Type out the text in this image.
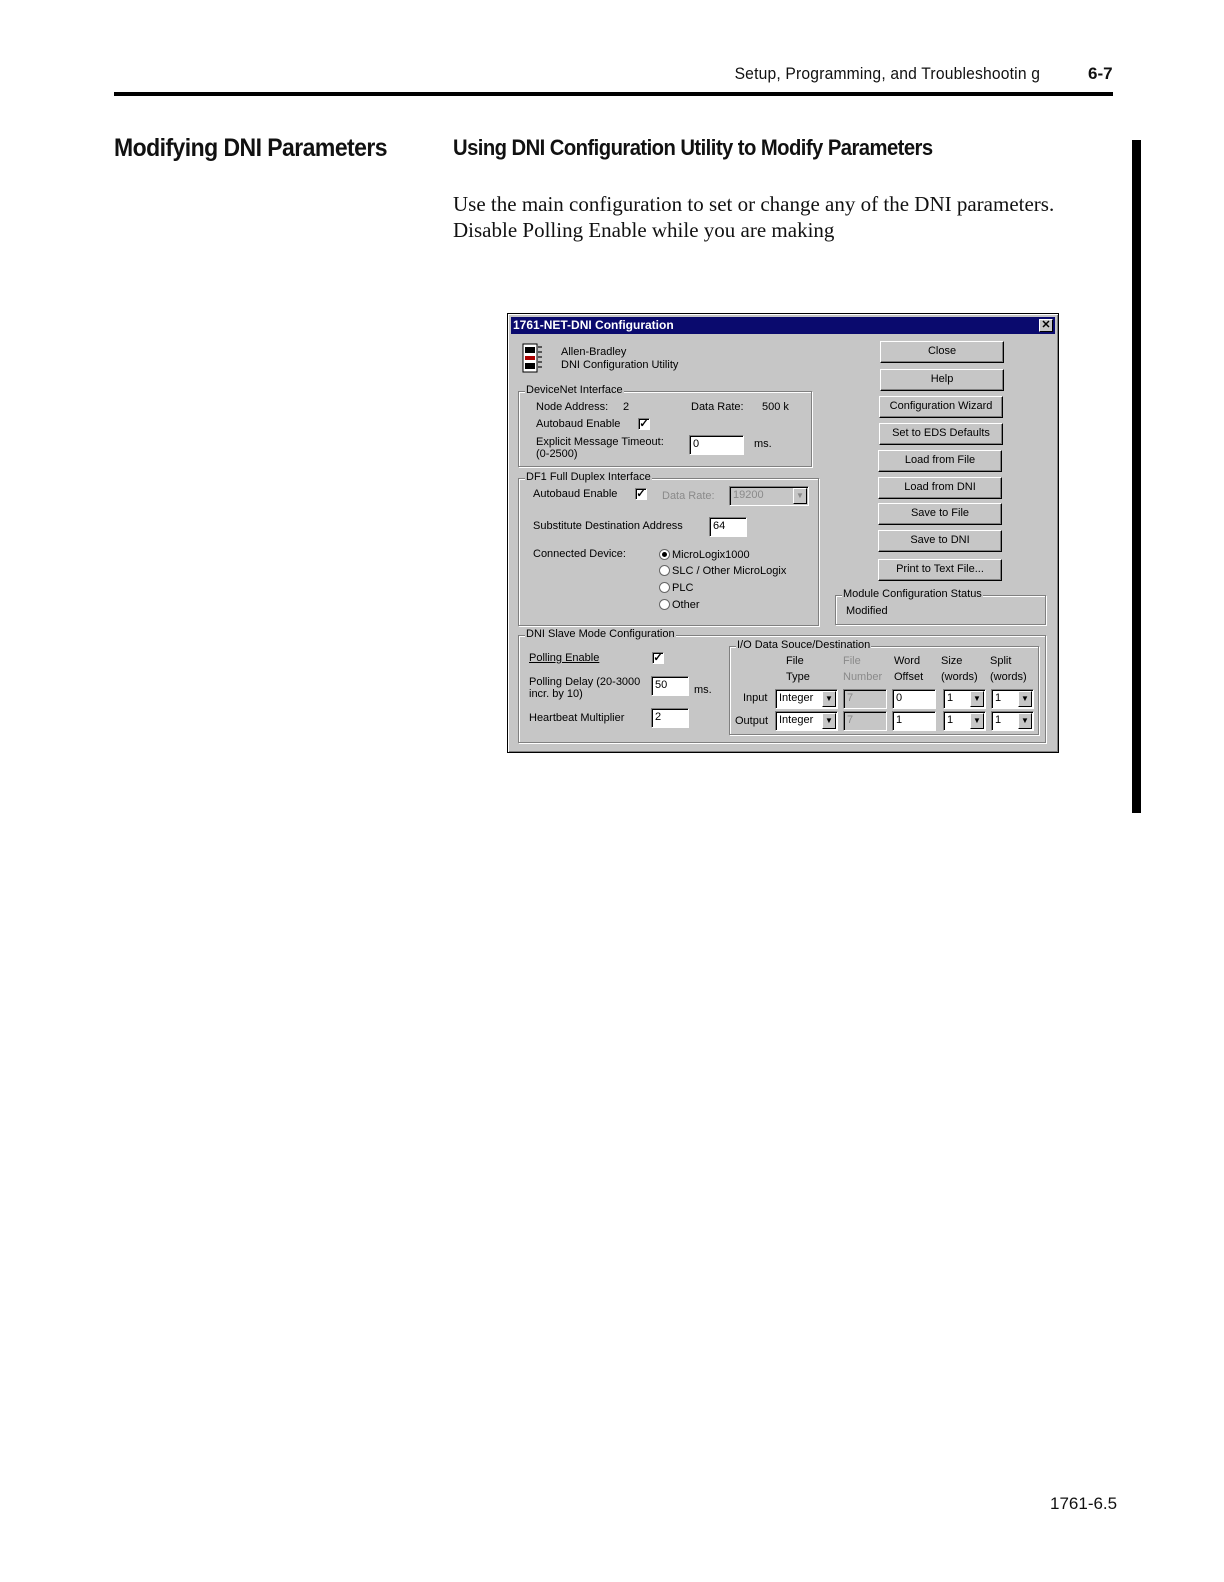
Setup, Programming, and Troubleshootin g	6-7
Modifying DNI Parameters	Using DNI Configuration Utility to Modify Parameters
Use the main configuration to set or change any of the DNI parameters.
Disable Polling Enable while you are making
1761-6.5
1761-NET-DNI Configuration	✕
Allen-Bradley
DNI Configuration Utility
DeviceNet Interface
Node Address: 2	Data Rate: 500 k
Autobaud Enable ✓
Explicit Message Timeout:
(0-2500)
0	ms.
DF1 Full Duplex Interface
Autobaud Enable ✓ Data Rate:	19200	▼
Substitute Destination Address	64
Connected Device:	MicroLogix1000
SLC / Other MicroLogix
PLC
Other
Close
Help
Configuration Wizard
Set to EDS Defaults
Load from File
Load from DNI
Save to File
Save to DNI
Print to Text File...
Module Configuration Status
Modified
DNI Slave Mode Configuration
Polling Enable	✓
Polling Delay (20-3000
incr. by 10)
50	ms.
Heartbeat Multiplier	2
I/O Data Souce/Destination
File
Type
File
Number
Word
Offset
Size
(words)
Split
(words)
Input	Integer	▼	7	0	1	▼	1	▼
Output Integer	▼	7	1	1	▼	1	▼
